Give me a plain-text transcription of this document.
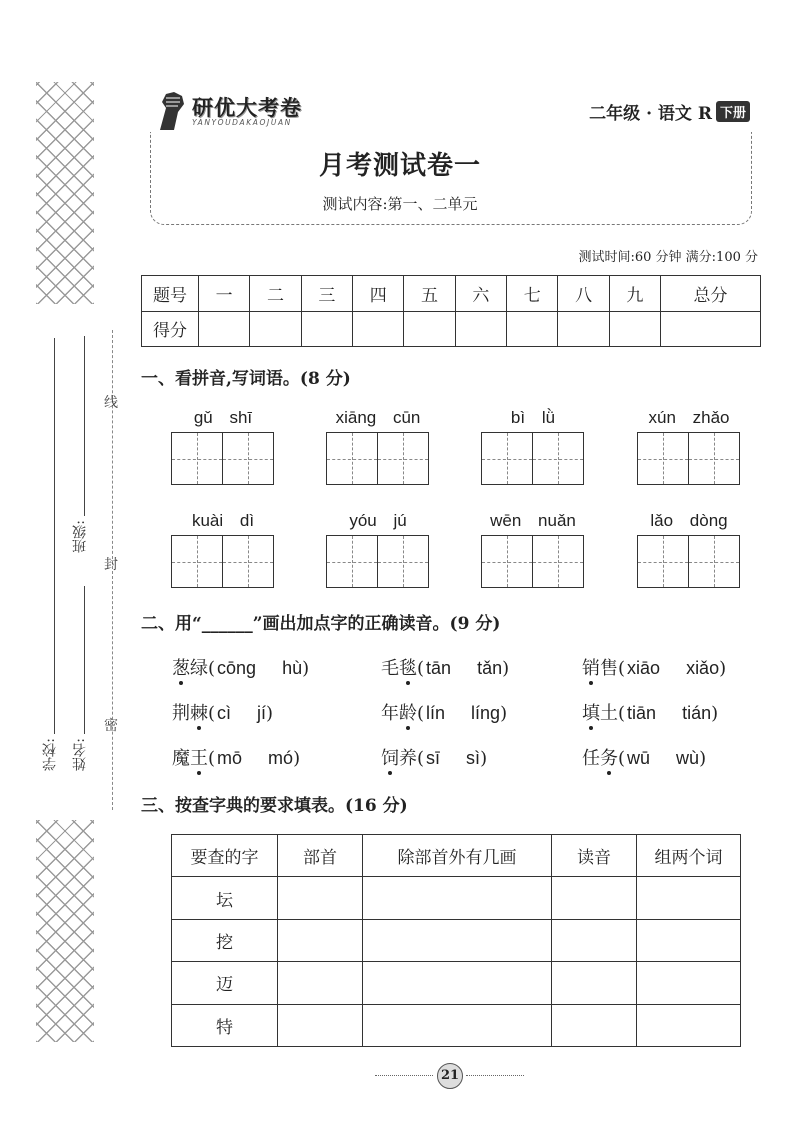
学校: 姓名:
班级:
线
封
密
研优大考卷
YANYOUDAKAOJUAN	二年级 · 语文 R 下册
月考测试卷一
测试内容:第一、二单元
测试时间:60 分钟 满分:100 分
题号	一	二	三	四	五	六	七	八	九	总分
得分										
一、看拼音,写词语。(8 分)
gǔ shī	xiāng cūn	bì lǜ	xún zhǎo
kuài dì	yóu jú	wēn nuǎn	lǎo dòng
二、用“______”画出加点字的正确读音。(9 分)
葱绿( cōng hù)	毛毯( tān tǎn)	销售( xiāo xiǎo)
荆棘( cì jí)	年龄( lín líng)	填土( tiān tián)
魔王( mō mó)	饲养( sī sì)	任务( wū wù)
三、按查字典的要求填表。(16 分)
要查的字	部首	除部首外有几画	读音	组两个词
坛				
挖				
迈				
特				
21
